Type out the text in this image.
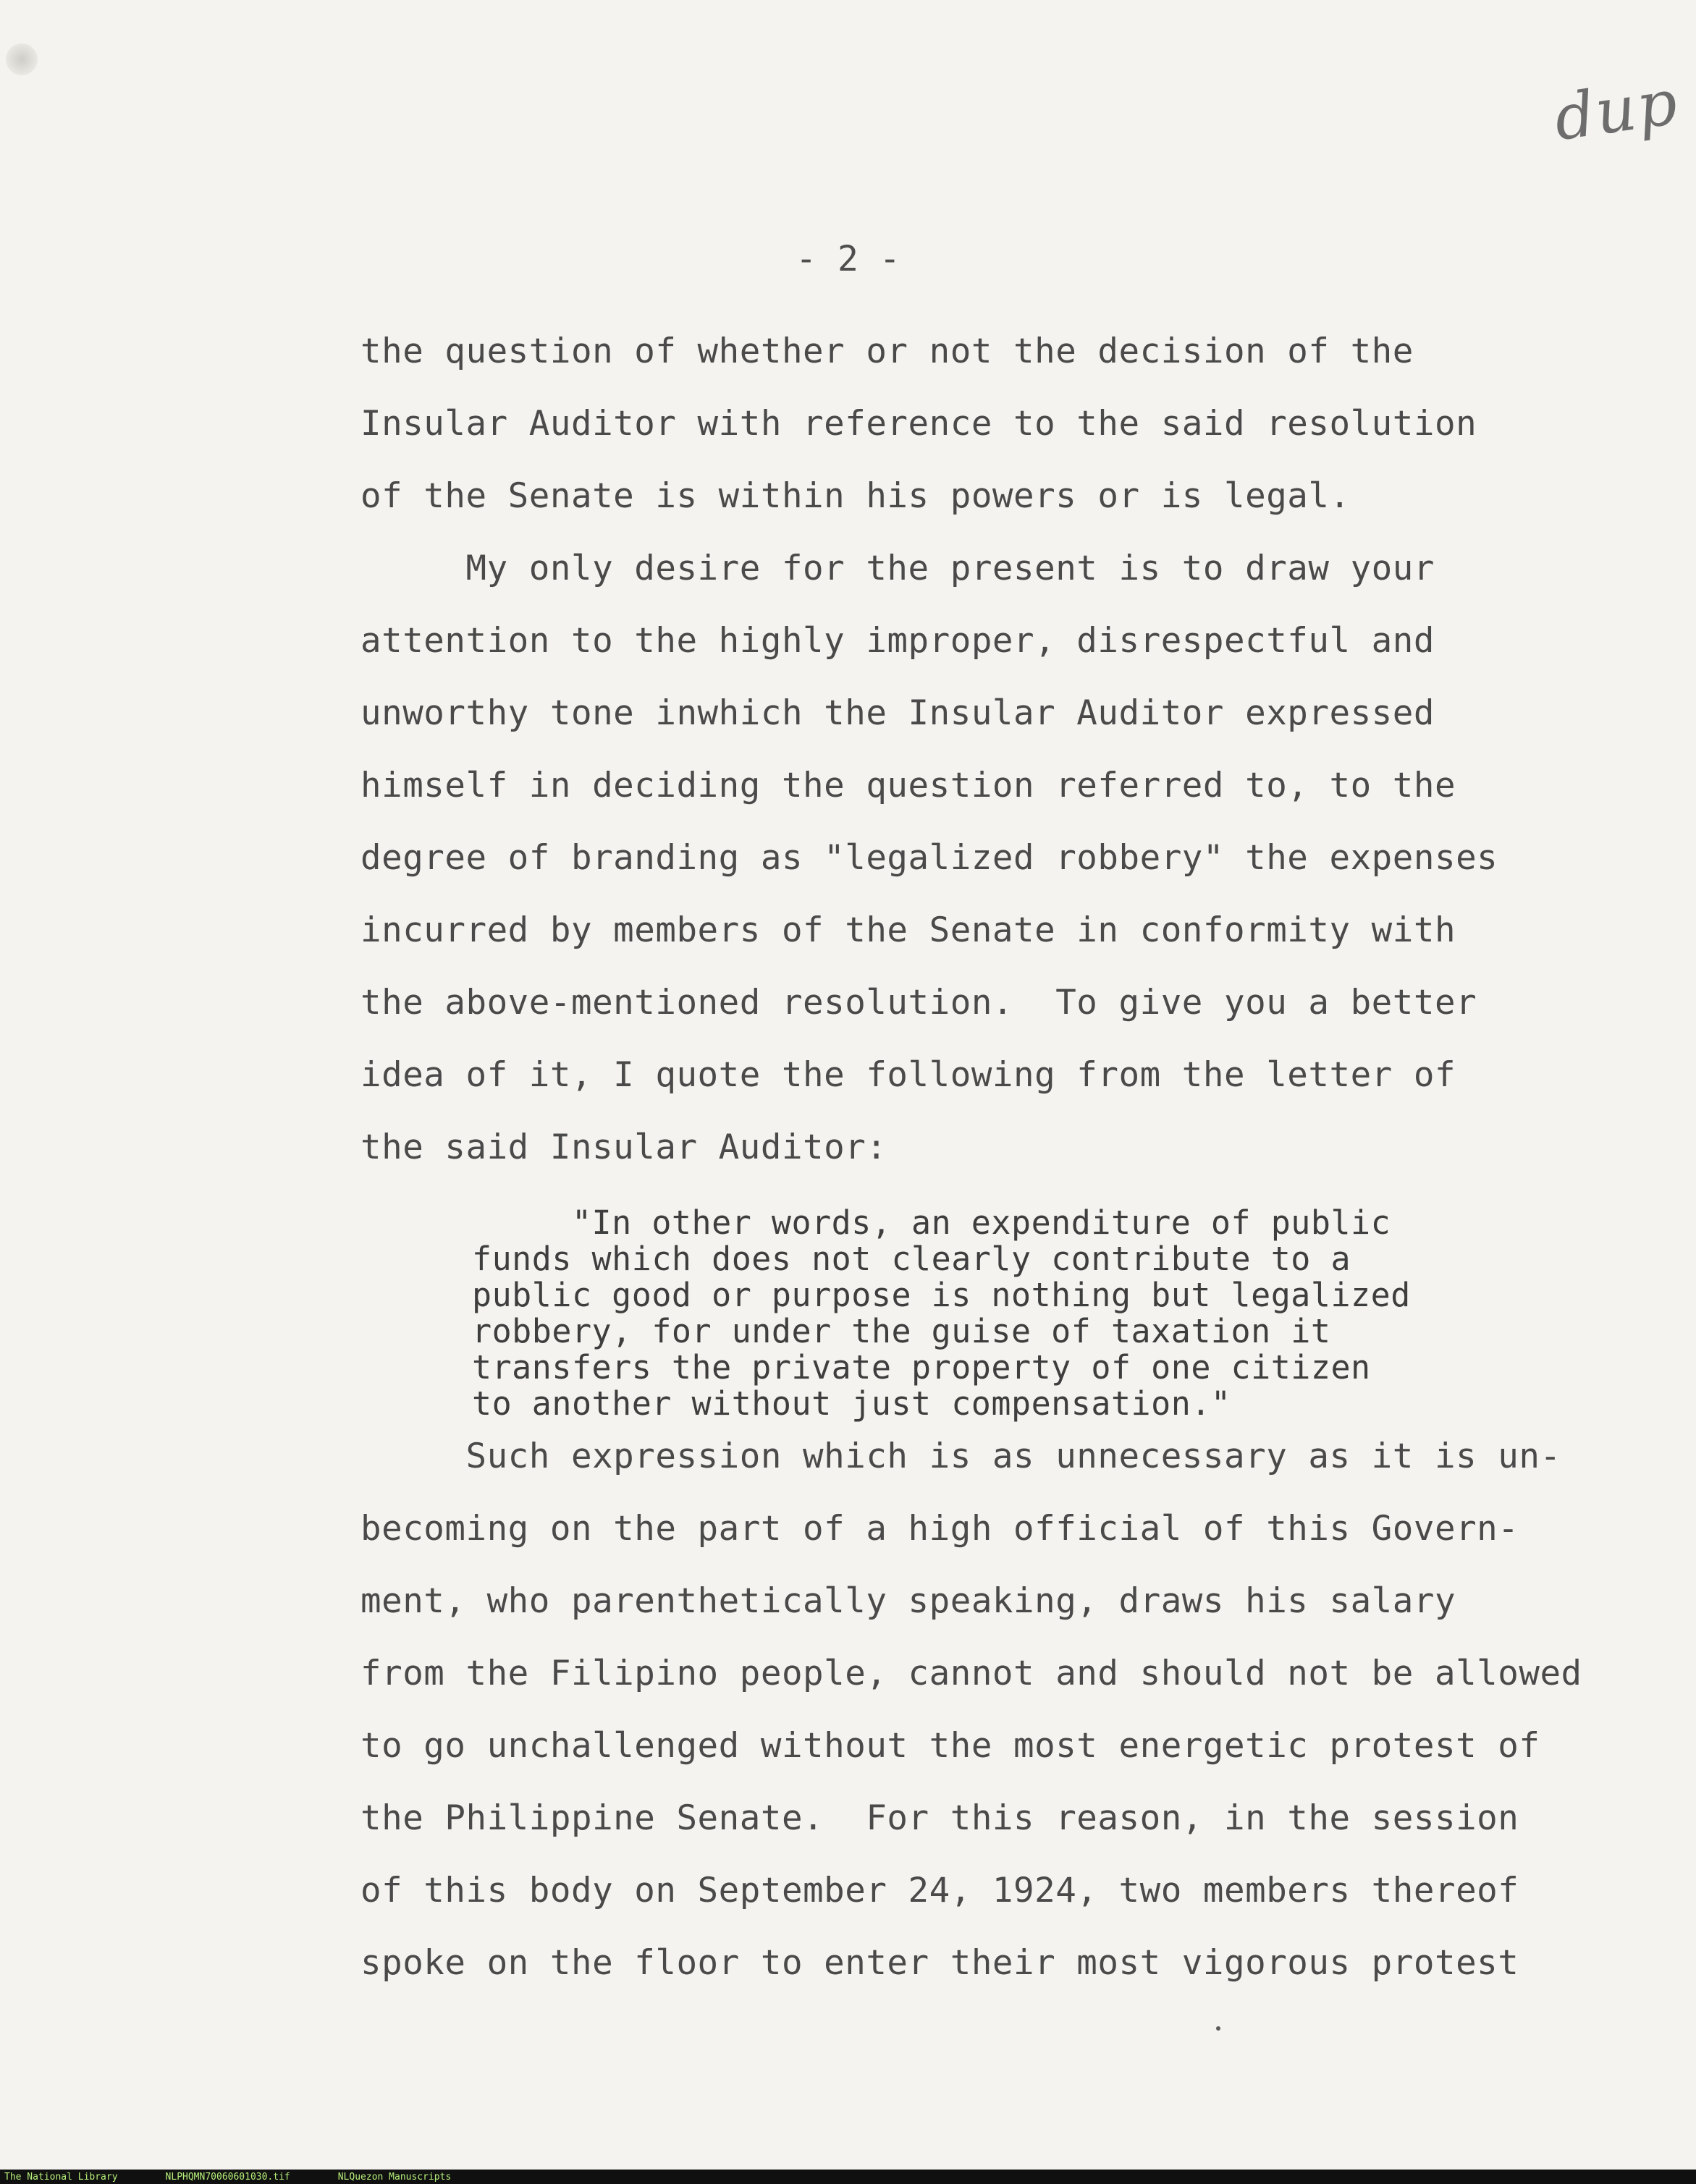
dup
- 2 -
the question of whether or not the decision of the
Insular Auditor with reference to the said resolution
of the Senate is within his powers or is legal.
My only desire for the present is to draw your
attention to the highly improper, disrespectful and
unworthy tone inwhich the Insular Auditor expressed
himself in deciding the question referred to, to the
degree of branding as "legalized robbery" the expenses
incurred by members of the Senate in conformity with
the above-mentioned resolution.  To give you a better
idea of it, I quote the following from the letter of
the said Insular Auditor:
"In other words, an expenditure of public
funds which does not clearly contribute to a
public good or purpose is nothing but legalized
robbery, for under the guise of taxation it
transfers the private property of one citizen
to another without just compensation."
Such expression which is as unnecessary as it is un-
becoming on the part of a high official of this Govern-
ment, who parenthetically speaking, draws his salary
from the Filipino people, cannot and should not be allowed
to go unchallenged without the most energetic protest of
the Philippine Senate.  For this reason, in the session
of this body on September 24, 1924, two members thereof
spoke on the floor to enter their most vigorous protest
The National Library	NLPHQMN70060601030.tif	NLQuezon Manuscripts
